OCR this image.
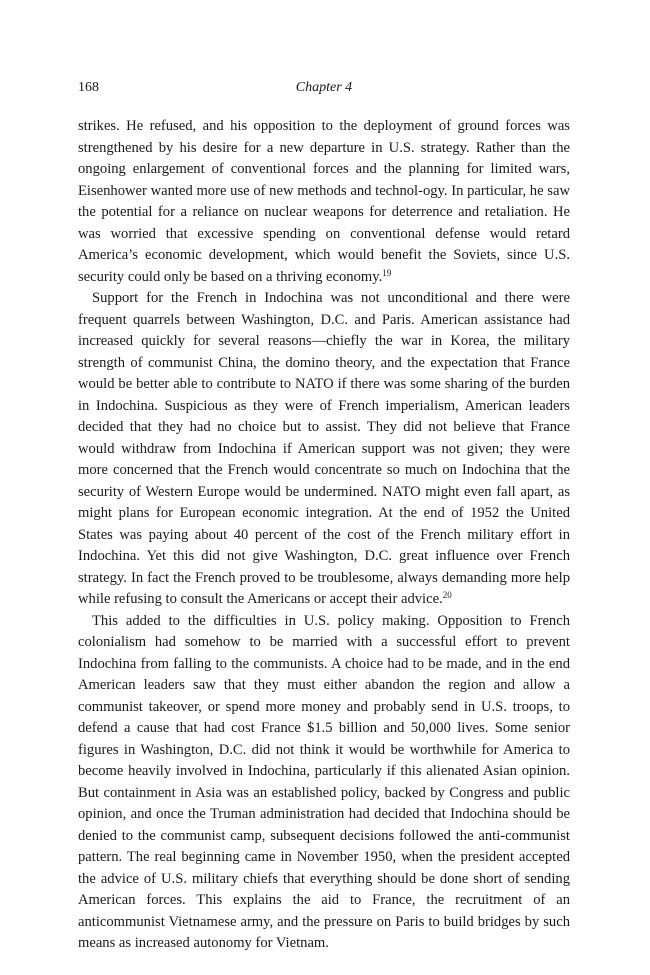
168	Chapter 4

strikes. He refused, and his opposition to the deployment of ground forces was strengthened by his desire for a new departure in U.S. strategy. Rather than the ongoing enlargement of conventional forces and the planning for limited wars, Eisenhower wanted more use of new methods and technol-ogy. In particular, he saw the potential for a reliance on nuclear weapons for deterrence and retaliation. He was worried that excessive spending on conventional defense would retard America’s economic development, which would benefit the Soviets, since U.S. security could only be based on a thriving economy.$^{19}$

Support for the French in Indochina was not unconditional and there were frequent quarrels between Washington, D.C. and Paris. American assistance had increased quickly for several reasons—chiefly the war in Korea, the military strength of communist China, the domino theory, and the expectation that France would be better able to contribute to NATO if there was some sharing of the burden in Indochina. Suspicious as they were of French imperialism, American leaders decided that they had no choice but to assist. They did not believe that France would withdraw from Indochina if American support was not given; they were more concerned that the French would concentrate so much on Indochina that the security of Western Europe would be undermined. NATO might even fall apart, as might plans for European economic integration. At the end of 1952 the United States was paying about 40 percent of the cost of the French military effort in Indochina. Yet this did not give Washington, D.C. great influence over French strategy. In fact the French proved to be troublesome, always demanding more help while refusing to consult the Americans or accept their advice.$^{20}$

This added to the difficulties in U.S. policy making. Opposition to French colonialism had somehow to be married with a successful effort to prevent Indochina from falling to the communists. A choice had to be made, and in the end American leaders saw that they must either abandon the region and allow a communist takeover, or spend more money and probably send in U.S. troops, to defend a cause that had cost France $1.5 billion and 50,000 lives. Some senior figures in Washington, D.C. did not think it would be worthwhile for America to become heavily involved in Indochina, particularly if this alienated Asian opinion. But containment in Asia was an established policy, backed by Congress and public opinion, and once the Truman administration had decided that Indochina should be denied to the communist camp, subsequent decisions followed the anti-communist pattern. The real beginning came in November 1950, when the president accepted the advice of U.S. military chiefs that everything should be done short of sending American forces. This explains the aid to France, the recruitment of an anticommunist Vietnamese army, and the pressure on Paris to build bridges by such means as increased autonomy for Vietnam.
